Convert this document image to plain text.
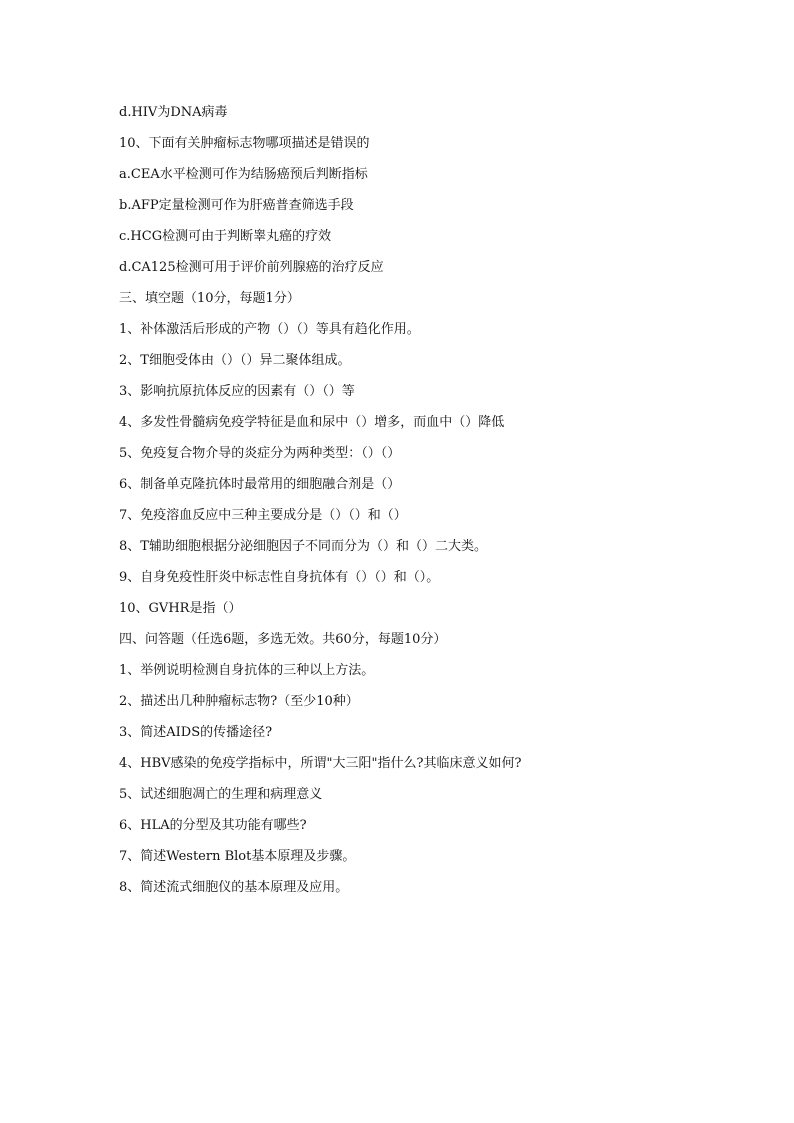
d.HIV为DNA病毒
10、下面有关肿瘤标志物哪项描述是错误的
a.CEA水平检测可作为结肠癌预后判断指标
b.AFP定量检测可作为肝癌普查筛选手段
c.HCG检测可由于判断睾丸癌的疗效
d.CA125检测可用于评价前列腺癌的治疗反应
三、填空题（10分，每题1分）
1、补体激活后形成的产物（）（）等具有趋化作用。
2、T细胞受体由（）（）异二聚体组成。
3、影响抗原抗体反应的因素有（）（）等
4、多发性骨髓病免疫学特征是血和尿中（）增多，而血中（）降低
5、免疫复合物介导的炎症分为两种类型：（）（）
6、制备单克隆抗体时最常用的细胞融合剂是（）
7、免疫溶血反应中三种主要成分是（）（）和（）
8、T辅助细胞根据分泌细胞因子不同而分为（）和（）二大类。
9、自身免疫性肝炎中标志性自身抗体有（）（）和（）。
10、GVHR是指（）
四、问答题（任选6题，多选无效。共60分，每题10分）
1、举例说明检测自身抗体的三种以上方法。
2、描述出几种肿瘤标志物?（至少10种）
3、简述AIDS的传播途径?
4、HBV感染的免疫学指标中，所谓"大三阳"指什么?其临床意义如何?
5、试述细胞凋亡的生理和病理意义
6、HLA的分型及其功能有哪些?
7、简述Western Blot基本原理及步骤。
8、简述流式细胞仪的基本原理及应用。
